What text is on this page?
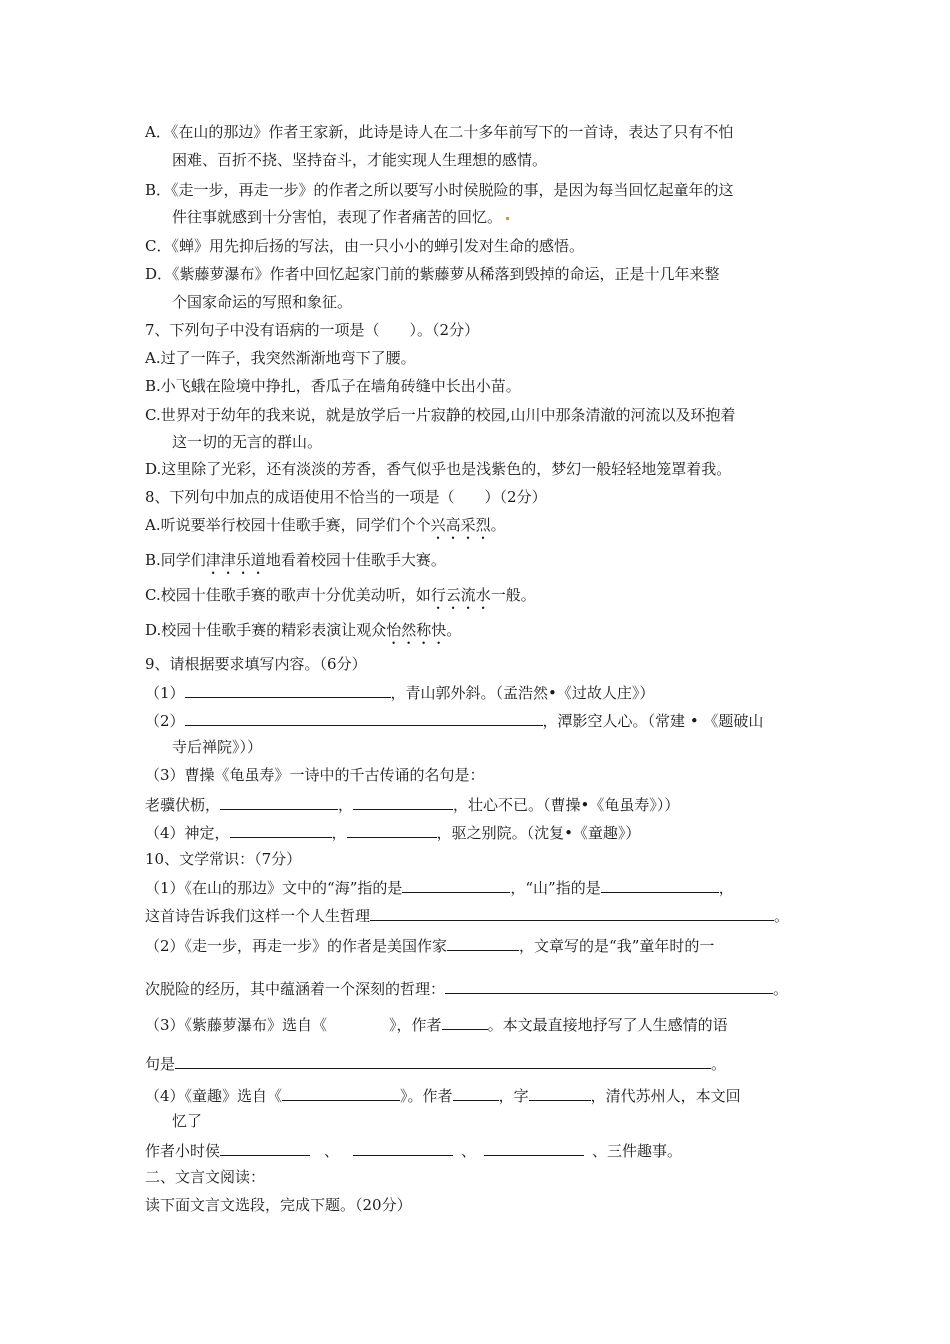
A．《在山的那边》作者王家新，此诗是诗人在二十多年前写下的一首诗，表达了只有不怕
困难、百折不挠、坚持奋斗，才能实现人生理想的感情。
B．《走一步，再走一步》的作者之所以要写小时侯脱险的事，是因为每当回忆起童年的这
件往事就感到十分害怕，表现了作者痛苦的回忆。
C．《蝉》用先抑后扬的写法，由一只小小的蝉引发对生命的感悟。
D．《紫藤萝瀑布》作者中回忆起家门前的紫藤萝从稀落到毁掉的命运，正是十几年来整
个国家命运的写照和象征。
7、下列句子中没有语病的一项是（　　）。（2分）
A.过了一阵子，我突然渐渐地弯下了腰。
B.小飞蛾在险境中挣扎，香瓜子在墙角砖缝中长出小苗。
C.世界对于幼年的我来说，就是放学后一片寂静的校园,山川中那条清澈的河流以及环抱着
这一切的无言的群山。
D.这里除了光彩，还有淡淡的芳香，香气似乎也是浅紫色的，梦幻一般轻轻地笼罩着我。
8、下列句中加点的成语使用不恰当的一项是（　　）（2分）
A.听说要举行校园十佳歌手赛，同学们个个兴高采烈。
B.同学们津津乐道地看着校园十佳歌手大赛。
C.校园十佳歌手赛的歌声十分优美动听，如行云流水一般。
D.校园十佳歌手赛的精彩表演让观众怡然称快。
9、请根据要求填写内容。（6分）
（1）	，青山郭外斜。（孟浩然•《过故人庄》）
（2）	，潭影空人心。（常建 • 《题破山
寺后禅院》））
（3）曹操《龟虽寿》一诗中的千古传诵的名句是：
老骥伏枥，	，	，壮心不已。（曹操•《龟虽寿》））
（4）神定，	，	，驱之别院。（沈复•《童趣》）
10、文学常识：（7分）
（1）《在山的那边》文中的“海”指的是	，“山”指的是	，
这首诗告诉我们这样一个人生哲理	。
（2）《走一步，再走一步》的作者是美国作家	，文章写的是“我”童年时的一
次脱险的经历，其中蕴涵着一个深刻的哲理：	。
（3）《紫藤萝瀑布》选自《	》，作者	。本文最直接地抒写了人生感情的语
句是	。
（4）《童趣》选自《	》。作者	，字	，清代苏州人，本文回
忆了
作者小时侯	、	、	、三件趣事。
二、文言文阅读：
读下面文言文选段，完成下题。（20分）
